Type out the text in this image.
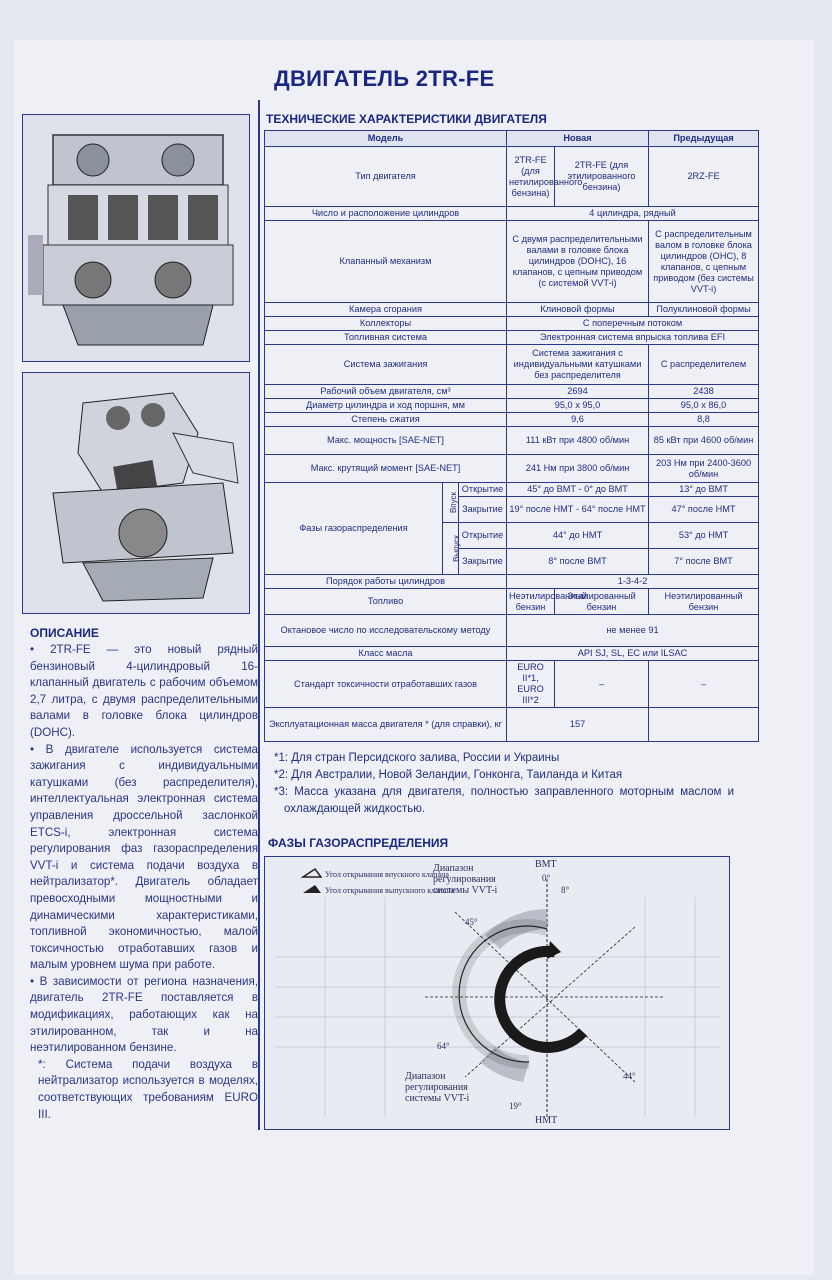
ДВИГАТЕЛЬ 2TR-FE
ОПИСАНИЕ

• 2TR-FE — это новый рядный бензиновый 4-цилиндровый 16-клапанный двигатель с рабочим объемом 2,7 литра, с двумя распределительными валами в головке блока цилиндров (DOHC).

• В двигателе используется система зажигания с индивидуальными катушками (без распределителя), интеллектуальная электронная система управления дроссельной заслонкой ETCS-i, электронная система регулирования фаз газораспределения VVT-i и система подачи воздуха в нейтрализатор*. Двигатель обладает превосходными мощностными и динамическими характеристиками, топливной экономичностью, малой токсичностью отработавших газов и малым уровнем шума при работе.

• В зависимости от региона назначения, двигатель 2TR-FE поставляется в модификациях, работающих как на этилированном, так и на неэтилированном бензине.

*: Система подачи воздуха в нейтрализатор используется в моделях, соответствующих требованиям EURO III.

ТЕХНИЧЕСКИЕ ХАРАКТЕРИСТИКИ ДВИГАТЕЛЯ
Модель			Новая		Предыдущая
Тип двигателя			2TR-FE (для нетилированного бензина)	2TR-FE (для этилированного бензина)	2RZ-FE
Число и расположение цилиндров			4 цилиндра, рядный		
Клапанный механизм			С двумя распределительными валами в головке блока цилиндров (DOHC), 16 клапанов, с цепным приводом (с системой VVT-i)		С распределительным валом в головке блока цилиндров (OHC), 8 клапанов, с цепным приводом (без системы VVT-i)
Камера сгорания			Клиновой формы		Полуклиновой формы
Коллекторы			С поперечным потоком		
Топливная система			Электронная система впрыска топлива EFI		
Система зажигания			Система зажигания с индивидуальными катушками без распределителя		С распределителем
Рабочий объем двигателя, см³			2694		2438
Диаметр цилиндра и ход поршня, мм			95,0 x 95,0		95,0 x 86,0
Степень сжатия			9,6		8,8
Макс. мощность [SAE-NET]			111 кВт при 4800 об/мин		85 кВт при 4600 об/мин
Макс. крутящий момент [SAE-NET]			241 Нм при 3800 об/мин		203 Нм при 2400-3600 об/мин
Фазы газораспределения	Впуск	Открытие	45° до ВМТ - 0° до ВМТ		13° до ВМТ
		Закрытие	19° после НМТ - 64° после НМТ		47° после НМТ
	Выпуск	Открытие	44° до НМТ		53° до НМТ
		Закрытие	8° после ВМТ		7° после ВМТ
Порядок работы цилиндров			1-3-4-2		
Топливо			Неэтилированный бензин	Этилированный бензин	Неэтилированный бензин
Октановое число по исследовательскому методу			не менее 91		
Класс масла			API SJ, SL, EC или ILSAC		
Стандарт токсичности отработавших газов			EURO II*1, EURO III*2	–	–
Эксплуатационная масса двигателя * (для справки), кг			157		
*1: Для стран Персидского залива, России и Украины
*2: Для Австралии, Новой Зеландии, Гонконга, Таиланда и Китая
*3: Масса указана для двигателя, полностью заправленного моторным маслом и охлаждающей жидкостью.
ФАЗЫ ГАЗОРАСПРЕДЕЛЕНИЯ
Угол открывания впускного клапана
Угол открывания выпускного клапана
ВМТ
0°
8°
45°
64°
44°
19°
НМТ
Диапазон регулирования системы VVT-i
Диапазон регулирования системы VVT-i
